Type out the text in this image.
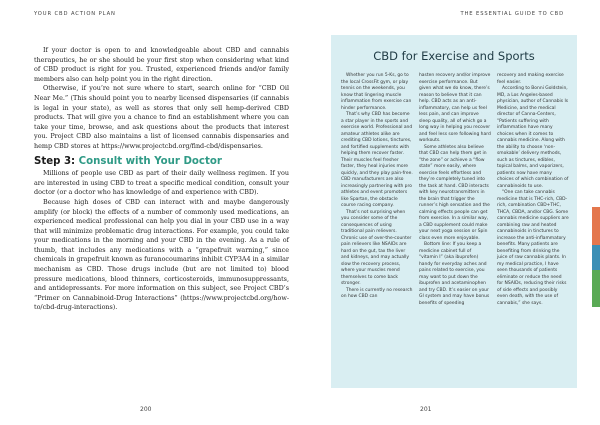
YOUR CBD ACTION PLAN

If your doctor is open to and knowledgeable about CBD and cannabis therapeutics, he or she should be your first stop when considering what kind of CBD product is right for you. Trusted, experienced friends and/or family members also can help point you in the right direction.

Otherwise, if you’re not sure where to start, search online for “CBD Oil Near Me.” (This should point you to nearby licensed dispensaries (if cannabis is legal in your state), as well as stores that only sell hemp-derived CBD products. That will give you a chance to find an establishment where you can take your time, browse, and ask questions about the products that interest you. Project CBD also maintains a list of licensed cannabis dispensaries and hemp CBD stores at https://www.projectcbd.org/find-cbd/dispensaries.

Step 3: Consult with Your Doctor

Millions of people use CBD as part of their daily wellness regimen. If you are interested in using CBD to treat a specific medical condition, consult your doctor (or a doctor who has knowledge of and experience with CBD).

Because high doses of CBD can interact with and maybe dangerously amplify (or block) the effects of a number of commonly used medications, an experienced medical professional can help you dial in your CBD use in a way that will minimize problematic drug interactions. For example, you could take your medications in the morning and your CBD in the evening. As a rule of thumb, that includes any medications with a “grapefruit warning,” since chemicals in grapefruit known as furanocoumarins inhibit CYP3A4 in a similar mechanism as CBD. Those drugs include (but are not limited to) blood pressure medications, blood thinners, corticosteroids, immunosuppressants, and antidepressants. For more information on this subject, see Project CBD’s “Primer on Cannabinoid-Drug Interactions” (https://www.projectcbd.org/how-to/cbd-drug-interactions).

200
THE ESSENTIAL GUIDE TO CBD
CBD for Exercise and Sports

Whether you run 5-Ks, go to the local CrossFit gym, or play tennis on the weekends, you know that lingering muscle inflammation from exercise can hinder performance.

That’s why CBD has become a star player in the sports and exercise world. Professional and amateur athletes alike are crediting CBD lotions, tinctures, and fortified supplements with helping them recover faster. Their muscles feel fresher faster, they heal injuries more quickly, and they play pain-free. CBD manufacturers are also increasingly partnering with pro athletes and event promoters like Spartan, the obstacle course racing company.

That’s not surprising when you consider some of the consequences of using traditional pain relievers. Chronic use of over-the-counter pain relievers like NSAIDs are hard on the gut, tax the liver and kidneys, and may actually slow the recovery process, where your muscles mend themselves to come back stronger.

There is currently no research on how CBD can

hasten recovery and/or improve exercise performance. But given what we do know, there’s reason to believe that it can help. CBD acts as an anti-inflammatory, can help us feel less pain, and can improve sleep quality, all of which go a long way in helping you recover and feel less sore following hard workouts.

Some athletes also believe that CBD can help them get in “the zone” or achieve a “flow state” more easily, where exercise feels effortless and they’re completely tuned into the task at hand. CBD interacts with key neurotransmitters in the brain that trigger the runner’s high sensation and the calming effects people can get from exercise. In a similar way, a CBD supplement could make your next yoga session or Spin class even more enjoyable.

Bottom line: If you keep a medicine cabinet full of “vitamin I” (aka ibuprofen) handy for everyday aches and pains related to exercise, you may want to put down the ibuprofen and acetaminophen and try CBD. It’s easier on your GI system and may have bonus benefits of speeding

recovery and making exercise feel easier.

According to Bonni Goldstein, MD, a Los Angeles-based physician, author of Cannabis Is Medicine, and the medical director of Canna-Centers, “Patients suffering with inflammation have many choices when it comes to cannabis medicine. Along with the ability to choose ‘non-smokable’ delivery methods, such as tinctures, edibles, topical balms, and vaporizers, patients now have many choices of which combination of cannabinoids to use.

“One can take cannabis medicine that is THC-rich, CBD-rich, combination CBD+THC, THCA, CBDA, and/or CBG. Some cannabis medicine suppliers are combining raw and heated cannabinoids in tinctures to increase the anti-inflammatory benefits. Many patients are benefiting from drinking the juice of raw cannabis plants. In my medical practice, I have seen thousands of patients eliminate or reduce the need for NSAIDs, reducing their risks of side effects and possibly even death, with the use of cannabis,” she says.

201
